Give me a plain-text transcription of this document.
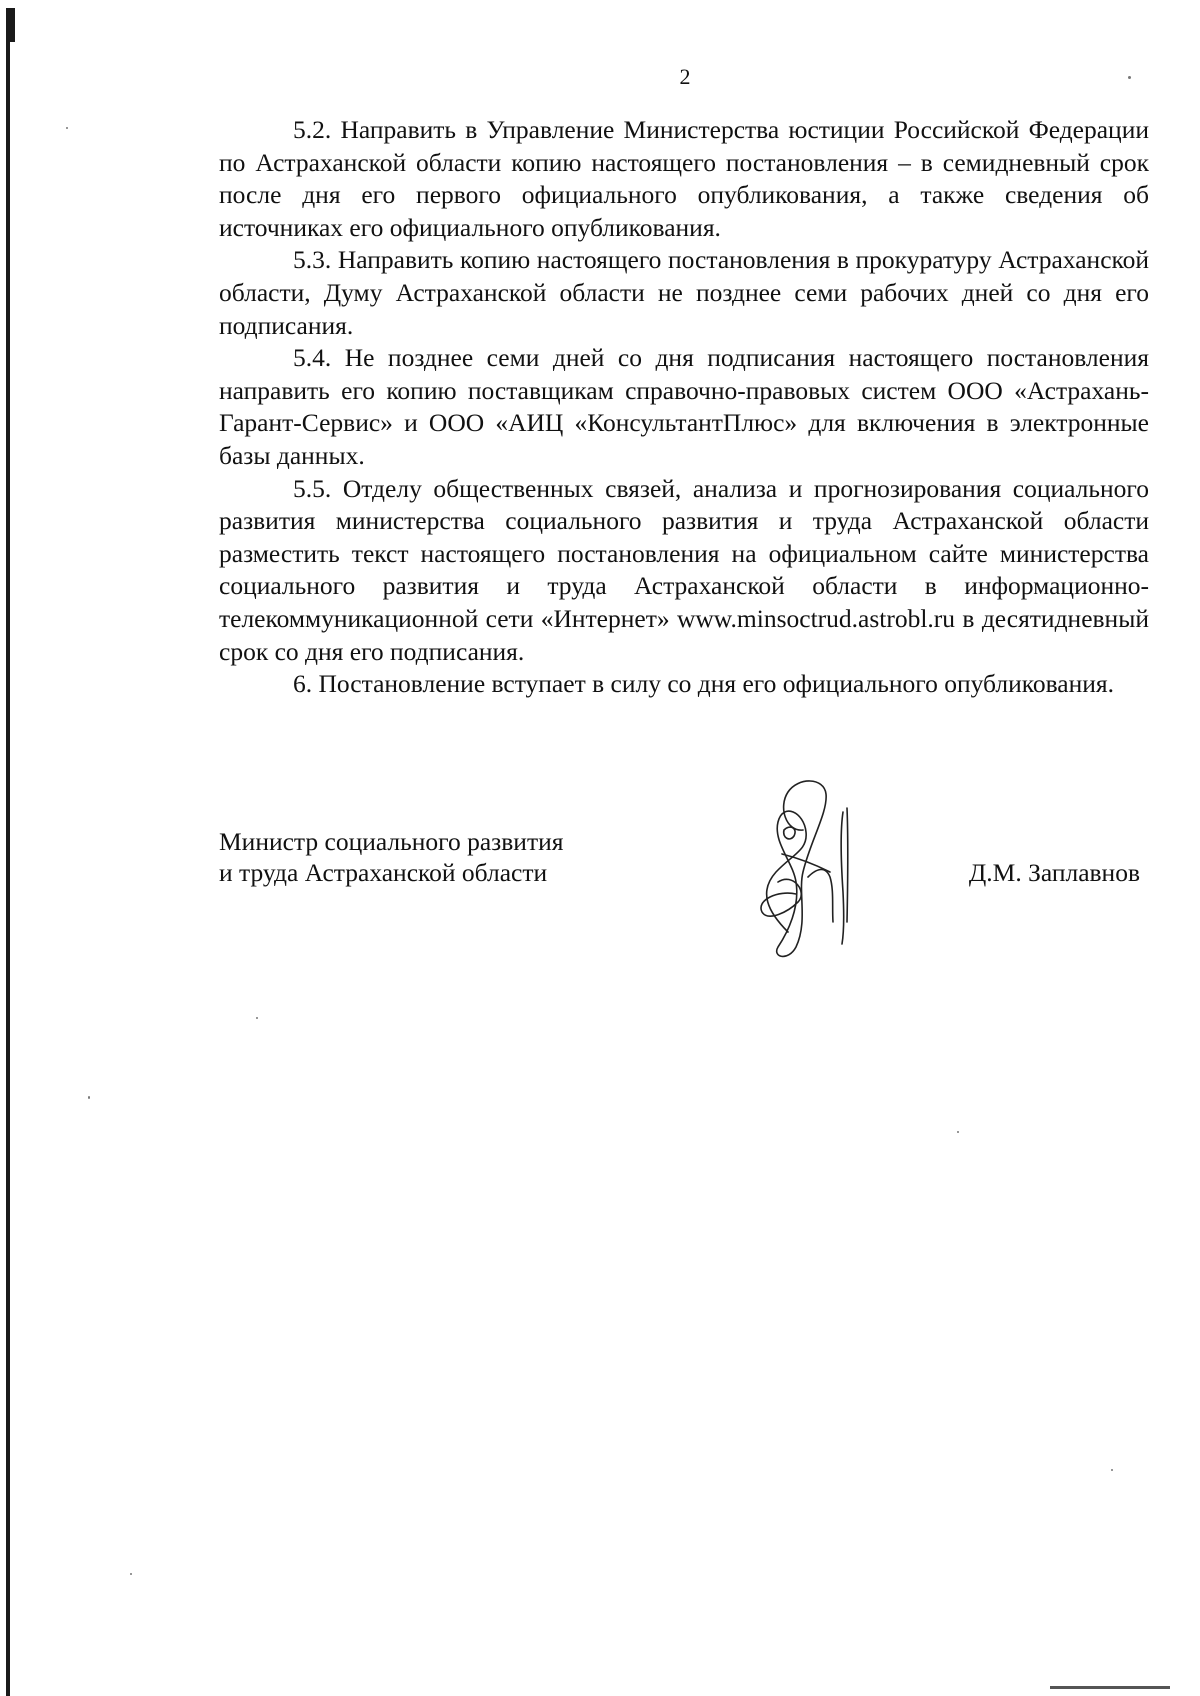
2

5.2. Направить в Управление Министерства юстиции Российской Федерации по Астраханской области копию настоящего постановления – в семидневный срок после дня его первого официального опубликования, а также сведения об источниках его официального опубликования.

5.3. Направить копию настоящего постановления в прокуратуру Астраханской области, Думу Астраханской области не позднее семи рабочих дней со дня его подписания.

5.4. Не позднее семи дней со дня подписания настоящего постановления направить его копию поставщикам справочно-правовых систем ООО «Астрахань-Гарант-Сервис» и ООО «АИЦ «КонсультантПлюс» для включения в электронные базы данных.

5.5. Отделу общественных связей, анализа и прогнозирования социального развития министерства социального развития и труда Астраханской области разместить текст настоящего постановления на официальном сайте министерства социального развития и труда Астраханской области в информационно-телекоммуникационной сети «Интернет» www.minsoctrud.astrobl.ru в десятидневный срок со дня его подписания.

6. Постановление вступает в силу со дня его официального опубликования.

Министр социального развития
и труда Астраханской области	Д.М. Заплавнов
